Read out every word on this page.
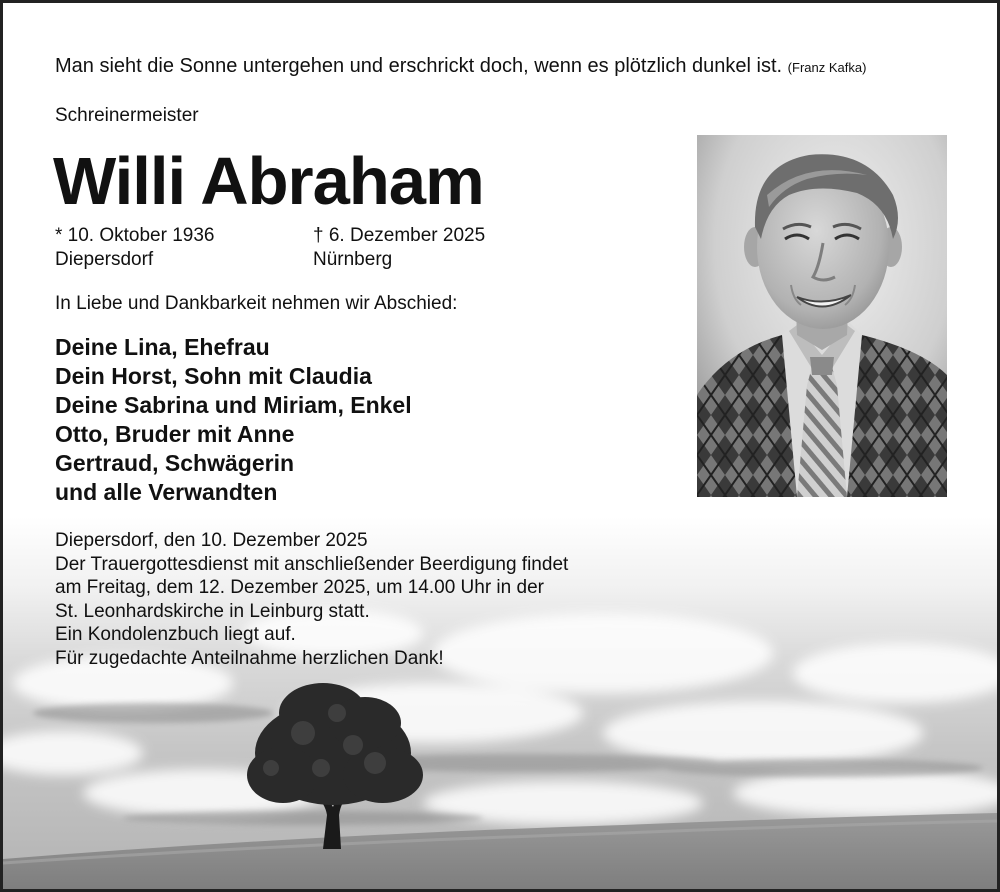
Man sieht die Sonne untergehen und erschrickt doch, wenn es plötzlich dunkel ist. (Franz Kafka)
Schreinermeister
Willi Abraham
* 10. Oktober 1936
Diepersdorf
† 6. Dezember 2025
Nürnberg
In Liebe und Dankbarkeit nehmen wir Abschied:
Deine Lina, Ehefrau
Dein Horst, Sohn mit Claudia
Deine Sabrina und Miriam, Enkel
Otto, Bruder mit Anne
Gertraud, Schwägerin
und alle Verwandten
Diepersdorf, den 10. Dezember 2025
Der Trauergottesdienst mit anschließender Beerdigung findet
am Freitag, dem 12. Dezember 2025, um 14.00 Uhr in der
St. Leonhardskirche in Leinburg statt.
Ein Kondolenzbuch liegt auf.
Für zugedachte Anteilnahme herzlichen Dank!
